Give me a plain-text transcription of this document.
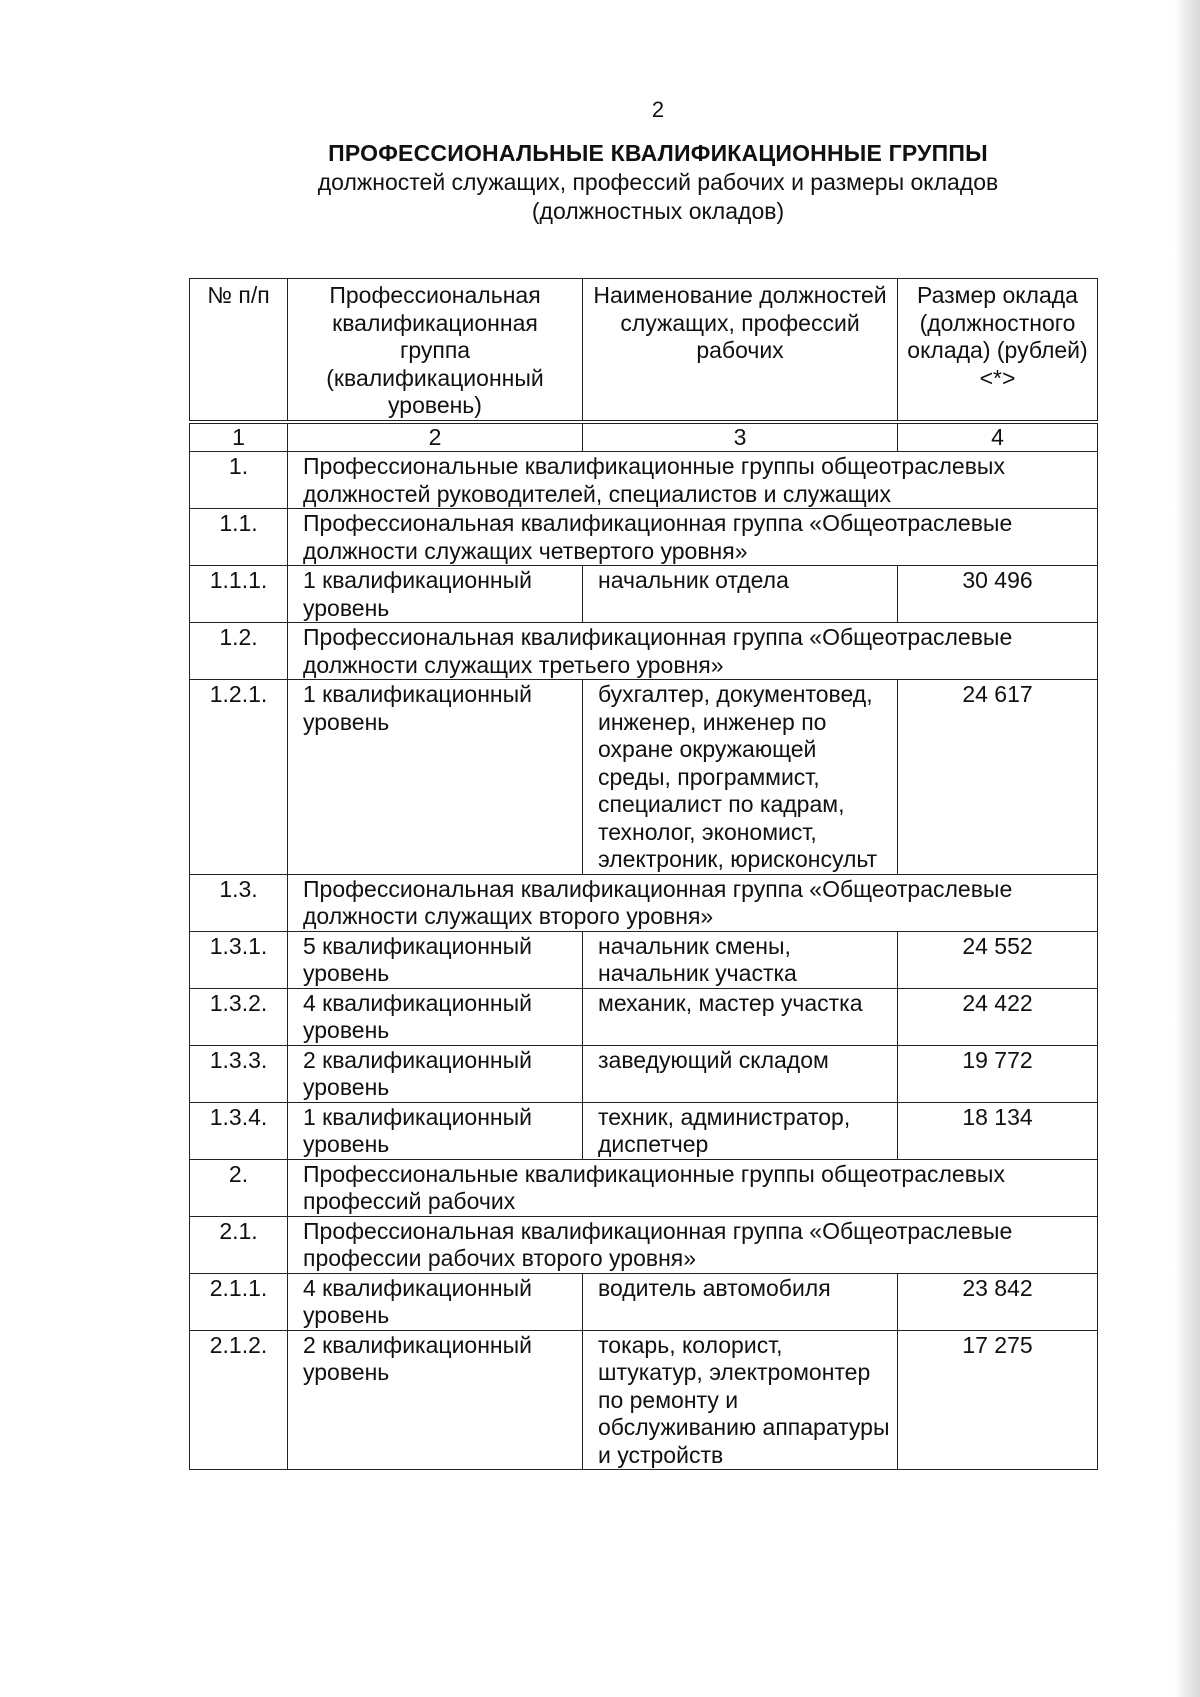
2
ПРОФЕССИОНАЛЬНЫЕ КВАЛИФИКАЦИОННЫЕ ГРУППЫ
должностей служащих, профессий рабочих и размеры окладов
(должностных окладов)
№ п/п	Профессиональная квалификационная группа (квалификационный уровень)	Наименование должностей служащих, профессий рабочих	Размер оклада (должностного оклада) (рублей) <*>
1	2	3	4
1.	Профессиональные квалификационные группы общеотраслевых должностей руководителей, специалистов и служащих		
1.1.	Профессиональная квалификационная группа «Общеотраслевые должности служащих четвертого уровня»		
1.1.1.	1 квалификационный уровень	начальник отдела	30 496
1.2.	Профессиональная квалификационная группа «Общеотраслевые должности служащих третьего уровня»		
1.2.1.	1 квалификационный уровень	бухгалтер, документовед, инженер, инженер по охране окружающей среды, программист, специалист по кадрам, технолог, экономист, электроник, юрисконсульт	24 617
1.3.	Профессиональная квалификационная группа «Общеотраслевые должности служащих второго уровня»		
1.3.1.	5 квалификационный уровень	начальник смены, начальник участка	24 552
1.3.2.	4 квалификационный уровень	механик, мастер участка	24 422
1.3.3.	2 квалификационный уровень	заведующий складом	19 772
1.3.4.	1 квалификационный уровень	техник, администратор, диспетчер	18 134
2.	Профессиональные квалификационные группы общеотраслевых профессий рабочих		
2.1.	Профессиональная квалификационная группа «Общеотраслевые профессии рабочих второго уровня»		
2.1.1.	4 квалификационный уровень	водитель автомобиля	23 842
2.1.2.	2 квалификационный уровень	токарь, колорист, штукатур, электромонтер по ремонту и обслуживанию аппаратуры и устройств	17 275
